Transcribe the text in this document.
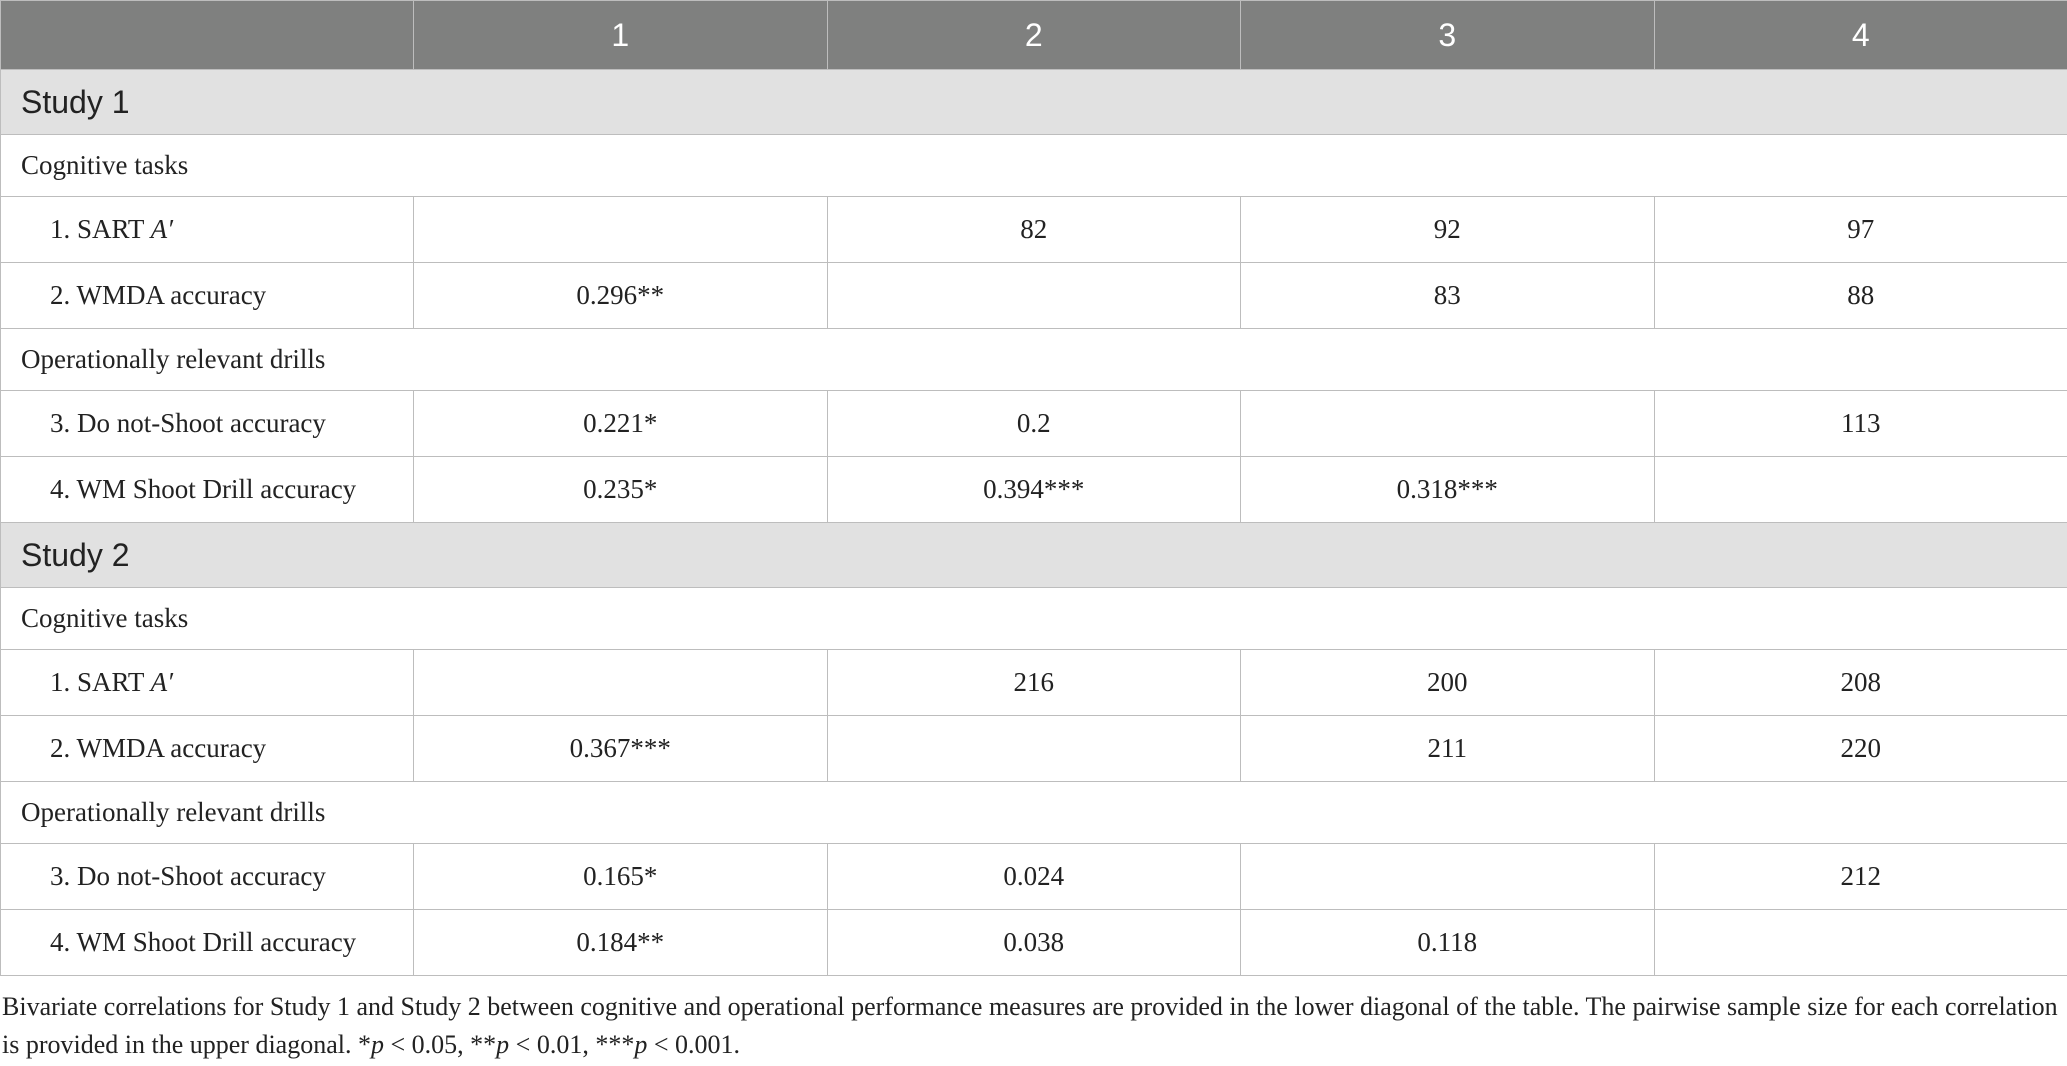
	1	2	3	4
Study 1				
Cognitive tasks				
1. SART A′		82	92	97
2. WMDA accuracy	0.296**		83	88
Operationally relevant drills				
3. Do not-Shoot accuracy	0.221*	0.2		113
4. WM Shoot Drill accuracy	0.235*	0.394***	0.318***	
Study 2				
Cognitive tasks				
1. SART A′		216	200	208
2. WMDA accuracy	0.367***		211	220
Operationally relevant drills				
3. Do not-Shoot accuracy	0.165*	0.024		212
4. WM Shoot Drill accuracy	0.184**	0.038	0.118	
Bivariate correlations for Study 1 and Study 2 between cognitive and operational performance measures are provided in the lower diagonal of the table. The pairwise sample size for each correlation is provided in the upper diagonal. *p < 0.05, **p < 0.01, ***p < 0.001.
